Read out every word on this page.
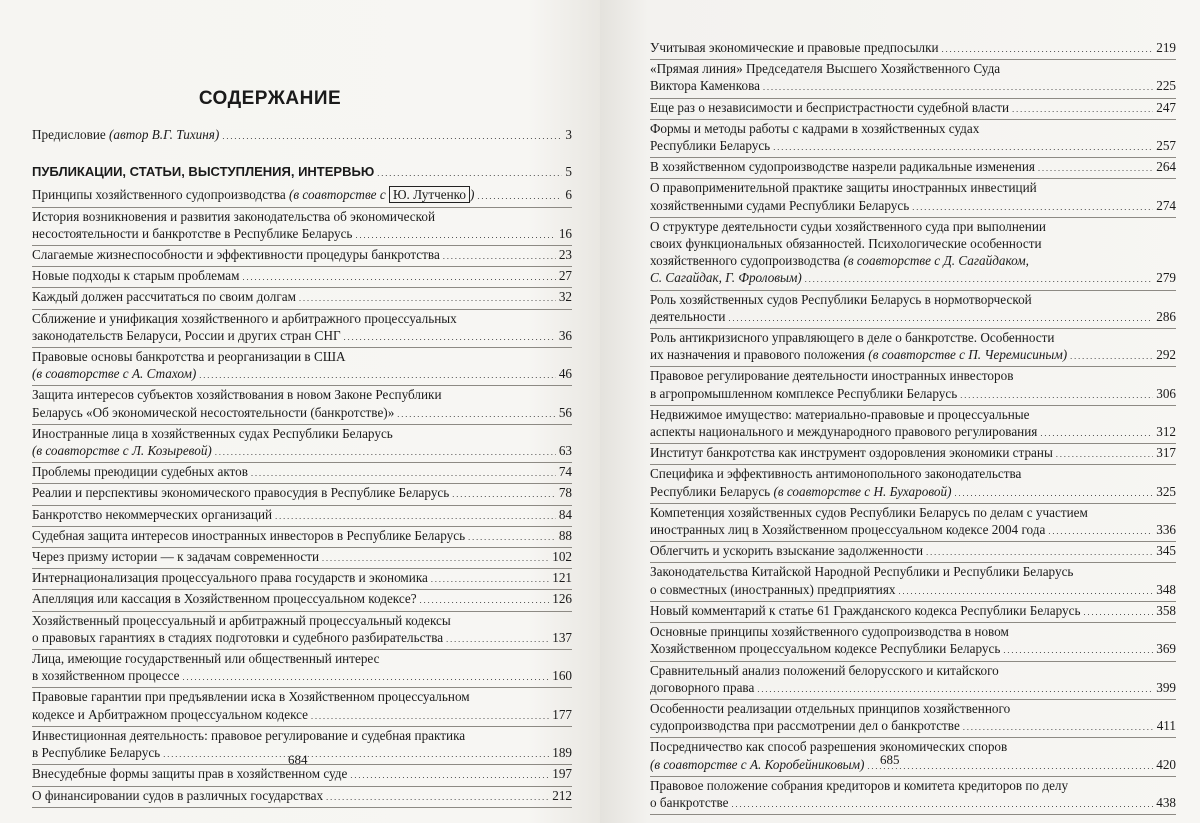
СОДЕРЖАНИЕ
Предисловие (автор В.Г. Тихиня) . . .	3
ПУБЛИКАЦИИ, СТАТЬИ, ВЫСТУПЛЕНИЯ, ИНТЕРВЬЮ . . .	5
Принципы хозяйственного судопроизводства (в соавторстве с Ю. Лутченко ) . . .	6
История возникновения и развития законодательства об экономической
несостоятельности и банкротстве в Республике Беларусь . . .	16
Слагаемые жизнеспособности и эффективности процедуры банкротства . . .	23
Новые подходы к старым проблемам . . .	27
Каждый должен рассчитаться по своим долгам . . .	32
Сближение и унификация хозяйственного и арбитражного процессуальных
законодательств Беларуси, России и других стран СНГ . . .	36
Правовые основы банкротства и реорганизации в США
(в соавторстве с А. Стахом) . . .	46
Защита интересов субъектов хозяйствования в новом Законе Республики
Беларусь «Об экономической несостоятельности (банкротстве)» . . .	56
Иностранные лица в хозяйственных судах Республики Беларусь
(в соавторстве с Л. Козыревой) . . .	63
Проблемы преюдиции судебных актов . . .	74
Реалии и перспективы экономического правосудия в Республике Беларусь . . .	78
Банкротство некоммерческих организаций . . .	84
Судебная защита интересов иностранных инвесторов в Республике Беларусь . . .	88
Через призму истории — к задачам современности . . .	102
Интернационализация процессуального права государств и экономика . . .	121
Апелляция или кассация в Хозяйственном процессуальном кодексе? . . .	126
Хозяйственный процессуальный и арбитражный процессуальный кодексы
о правовых гарантиях в стадиях подготовки и судебного разбирательства . . .	137
Лица, имеющие государственный или общественный интерес
в хозяйственном процессе . . .	160
Правовые гарантии при предъявлении иска в Хозяйственном процессуальном
кодексе и Арбитражном процессуальном кодексе . . .	177
Инвестиционная деятельность: правовое регулирование и судебная практика
в Республике Беларусь . . .	189
Внесудебные формы защиты прав в хозяйственном суде . . .	197
О финансировании судов в различных государствах . . .	212
684
Учитывая экономические и правовые предпосылки . . .	219
«Прямая линия» Председателя Высшего Хозяйственного Суда
Виктора Каменкова . . .	225
Еще раз о независимости и беспристрастности судебной власти . . .	247
Формы и методы работы с кадрами в хозяйственных судах
Республики Беларусь . . .	257
В хозяйственном судопроизводстве назрели радикальные изменения . . .	264
О правоприменительной практике защиты иностранных инвестиций
хозяйственными судами Республики Беларусь . . .	274
О структуре деятельности судьи хозяйственного суда при выполнении
своих функциональных обязанностей. Психологические особенности
хозяйственного судопроизводства (в соавторстве с Д. Сагайдаком,
С. Сагайдак, Г. Фроловым) . . .	279
Роль хозяйственных судов Республики Беларусь в нормотворческой
деятельности . . .	286
Роль антикризисного управляющего в деле о банкротстве. Особенности
их назначения и правового положения (в соавторстве с П. Черемисиным) . . .	292
Правовое регулирование деятельности иностранных инвесторов
в агропромышленном комплексе Республики Беларусь . . .	306
Недвижимое имущество: материально-правовые и процессуальные
аспекты национального и международного правового регулирования . . .	312
Институт банкротства как инструмент оздоровления экономики страны . . .	317
Специфика и эффективность антимонопольного законодательства
Республики Беларусь (в соавторстве с Н. Бухаровой) . . .	325
Компетенция хозяйственных судов Республики Беларусь по делам с участием
иностранных лиц в Хозяйственном процессуальном кодексе 2004 года . . .	336
Облегчить и ускорить взыскание задолженности . . .	345
Законодательства Китайской Народной Республики и Республики Беларусь
о совместных (иностранных) предприятиях . . .	348
Новый комментарий к статье 61 Гражданского кодекса Республики Беларусь . . .	358
Основные принципы хозяйственного судопроизводства в новом
Хозяйственном процессуальном кодексе Республики Беларусь . . .	369
Сравнительный анализ положений белорусского и китайского
договорного права . . .	399
Особенности реализации отдельных принципов хозяйственного
судопроизводства при рассмотрении дел о банкротстве . . .	411
Посредничество как способ разрешения экономических споров
(в соавторстве с А. Коробейниковым) . . .	420
Правовое положение собрания кредиторов и комитета кредиторов по делу
о банкротстве . . .	438
685
